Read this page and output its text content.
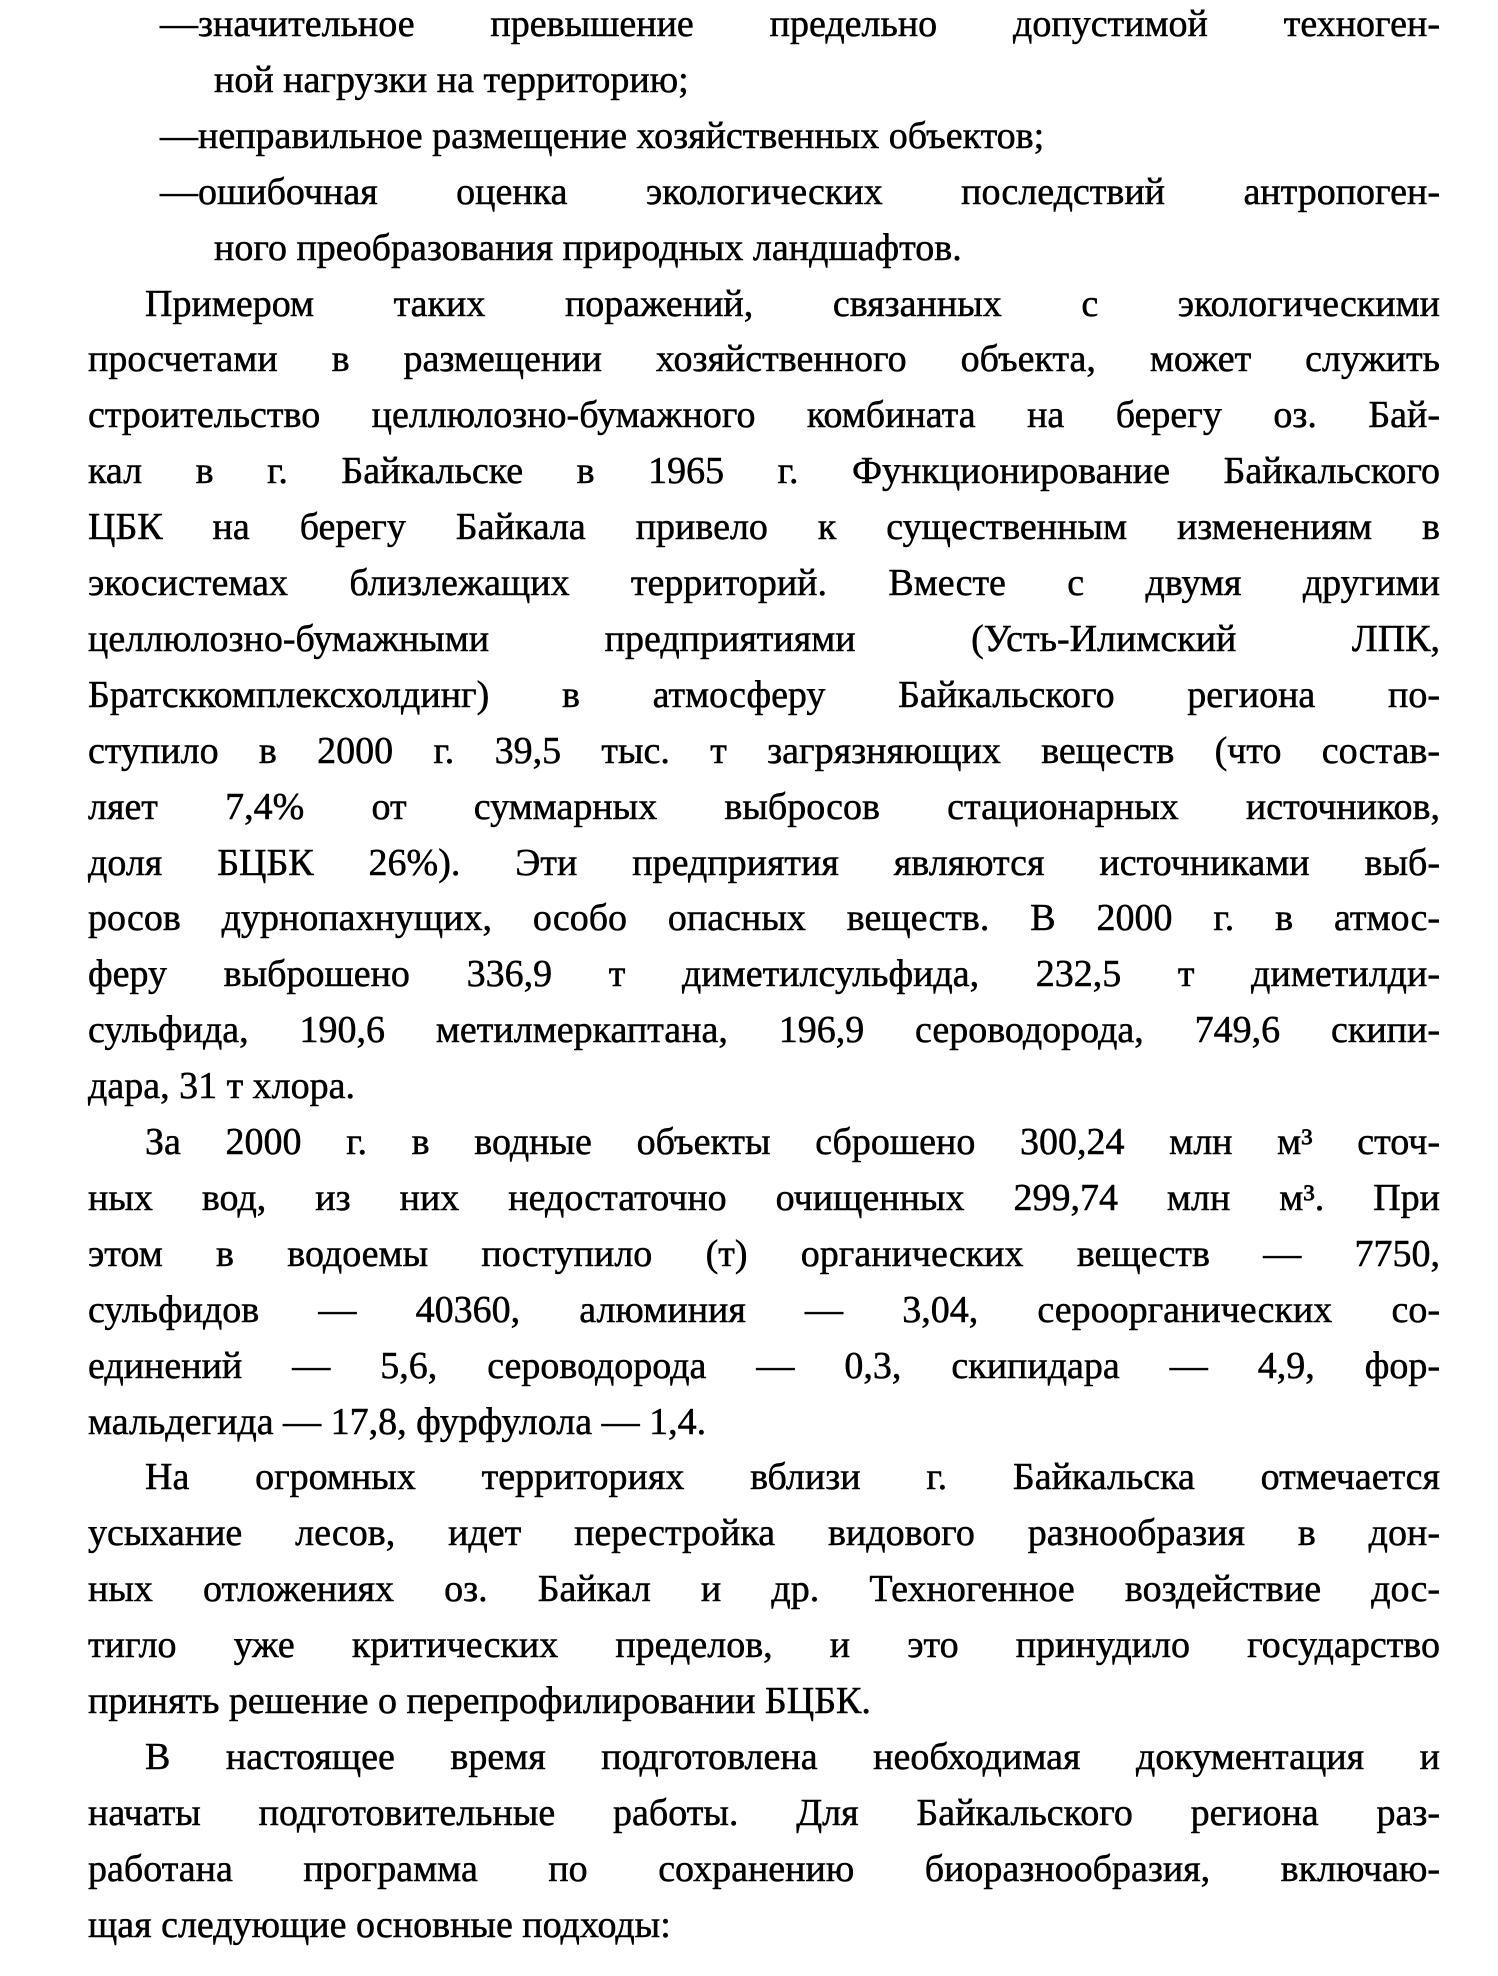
—значительное превышение предельно допустимой техноген-
ной нагрузки на территорию;
—неправильное размещение хозяйственных объектов;
—ошибочная оценка экологических последствий антропоген-
ного преобразования природных ландшафтов.
Примером таких поражений, связанных с экологическими
просчетами в размещении хозяйственного объекта, может служить
строительство целлюлозно-бумажного комбината на берегу оз. Бай-
кал в г. Байкальске в 1965 г. Функционирование Байкальского
ЦБК на берегу Байкала привело к существенным изменениям в
экосистемах близлежащих территорий. Вместе с двумя другими
целлюлозно-бумажными предприятиями (Усть-Илимский ЛПК,
Братсккомплексхолдинг) в атмосферу Байкальского региона по-
ступило в 2000 г. 39,5 тыс. т загрязняющих веществ (что состав-
ляет 7,4% от суммарных выбросов стационарных источников,
доля БЦБК 26%). Эти предприятия являются источниками выб-
росов дурнопахнущих, особо опасных веществ. В 2000 г. в атмос-
феру выброшено 336,9 т диметилсульфида, 232,5 т диметилди-
сульфида, 190,6 метилмеркаптана, 196,9 сероводорода, 749,6 скипи-
дара, 31 т хлора.
За 2000 г. в водные объекты сброшено 300,24 млн м³ сточ-
ных вод, из них недостаточно очищенных 299,74 млн м³. При
этом в водоемы поступило (т) органических веществ — 7750,
сульфидов — 40360, алюминия — 3,04, сероорганических со-
единений — 5,6, сероводорода — 0,3, скипидара — 4,9, фор-
мальдегида — 17,8, фурфулола — 1,4.
На огромных территориях вблизи г. Байкальска отмечается
усыхание лесов, идет перестройка видового разнообразия в дон-
ных отложениях оз. Байкал и др. Техногенное воздействие дос-
тигло уже критических пределов, и это принудило государство
принять решение о перепрофилировании БЦБК.
В настоящее время подготовлена необходимая документация и
начаты подготовительные работы. Для Байкальского региона раз-
работана программа по сохранению биоразнообразия, включаю-
щая следующие основные подходы:
